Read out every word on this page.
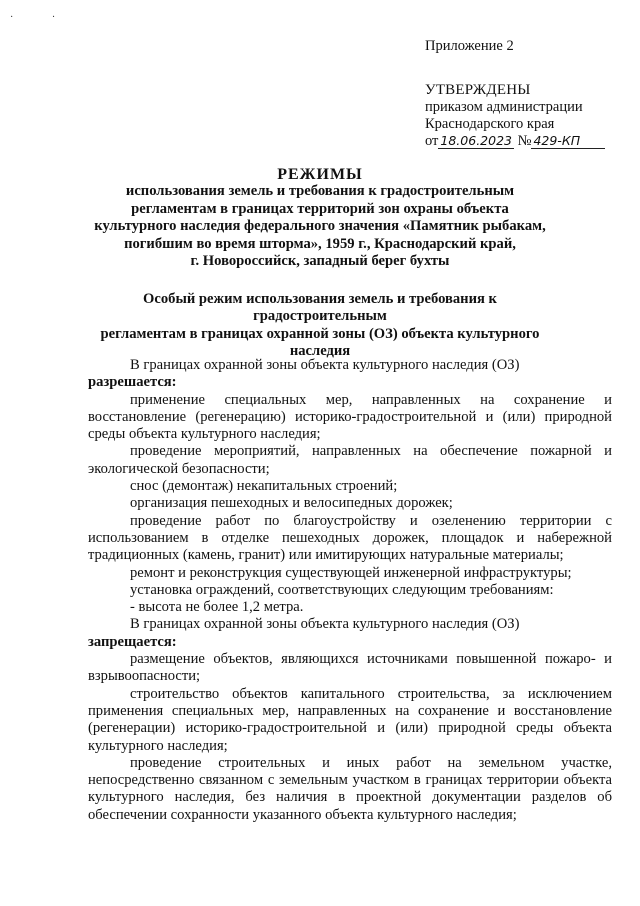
· ·
Приложение 2
УТВЕРЖДЕНЫ
приказом администрации
Краснодарского края
от 18.06.2023 № 429-КП
РЕЖИМЫ
использования земель и требования к градостроительным
регламентам в границах территорий зон охраны объекта
культурного наследия федерального значения «Памятник рыбакам,
погибшим во время шторма», 1959 г., Краснодарский край,
г. Новороссийск, западный берег бухты
Особый режим использования земель и требования к градостроительным
регламентам в границах охранной зоны (ОЗ) объекта культурного
наследия

В границах охранной зоны объекта культурного наследия (ОЗ)
разрешается:

применение специальных мер, направленных на сохранение и восстановление (регенерацию) историко-градостроительной и (или) природной среды объекта культурного наследия;

проведение мероприятий, направленных на обеспечение пожарной и экологической безопасности;

снос (демонтаж) некапитальных строений;

организация пешеходных и велосипедных дорожек;

проведение работ по благоустройству и озеленению территории с использованием в отделке пешеходных дорожек, площадок и набережной традиционных (камень, гранит) или имитирующих натуральные материалы;

ремонт и реконструкция существующей инженерной инфраструктуры;

установка ограждений, соответствующих следующим требованиям:

- высота не более 1,2 метра.

В границах охранной зоны объекта культурного наследия (ОЗ)
запрещается:

размещение объектов, являющихся источниками повышенной пожаро- и взрывоопасности;

строительство объектов капитального строительства, за исключением применения специальных мер, направленных на сохранение и восстановление (регенерации) историко-градостроительной и (или) природной среды объекта культурного наследия;

проведение строительных и иных работ на земельном участке, непосредственно связанном с земельным участком в границах территории объекта культурного наследия, без наличия в проектной документации разделов об обеспечении сохранности указанного объекта культурного наследия;
